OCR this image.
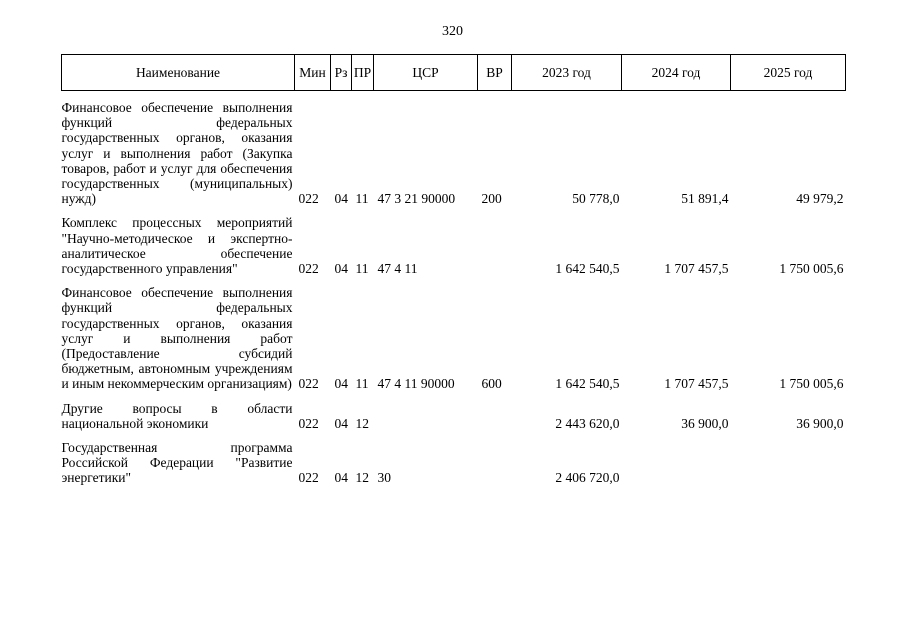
320
Наименование	Мин	Рз	ПР	ЦСР	ВР	2023 год	2024 год	2025 год

Финансовое обеспечение выполнения функций федеральных государственных органов, оказания услуг и выполнения работ (Закупка товаров, работ и услуг для обеспечения государственных (муниципальных) нужд)	022	04	11	47 3 21 90000	200	50 778,0	51 891,4	49 979,2

Комплекс процессных мероприятий "Научно-методическое и экспертно-аналитическое обеспечение государственного управления"	022	04	11	47 4 11		1 642 540,5	1 707 457,5	1 750 005,6

Финансовое обеспечение выполнения функций федеральных государственных органов, оказания услуг и выполнения работ (Предоставление субсидий бюджетным, автономным учреждениям и иным некоммерческим организациям)	022	04	11	47 4 11 90000	600	1 642 540,5	1 707 457,5	1 750 005,6

Другие вопросы в области национальной экономики	022	04	12			2 443 620,0	36 900,0	36 900,0

Государственная программа Российской Федерации "Развитие энергетики"	022	04	12	30		2 406 720,0		
